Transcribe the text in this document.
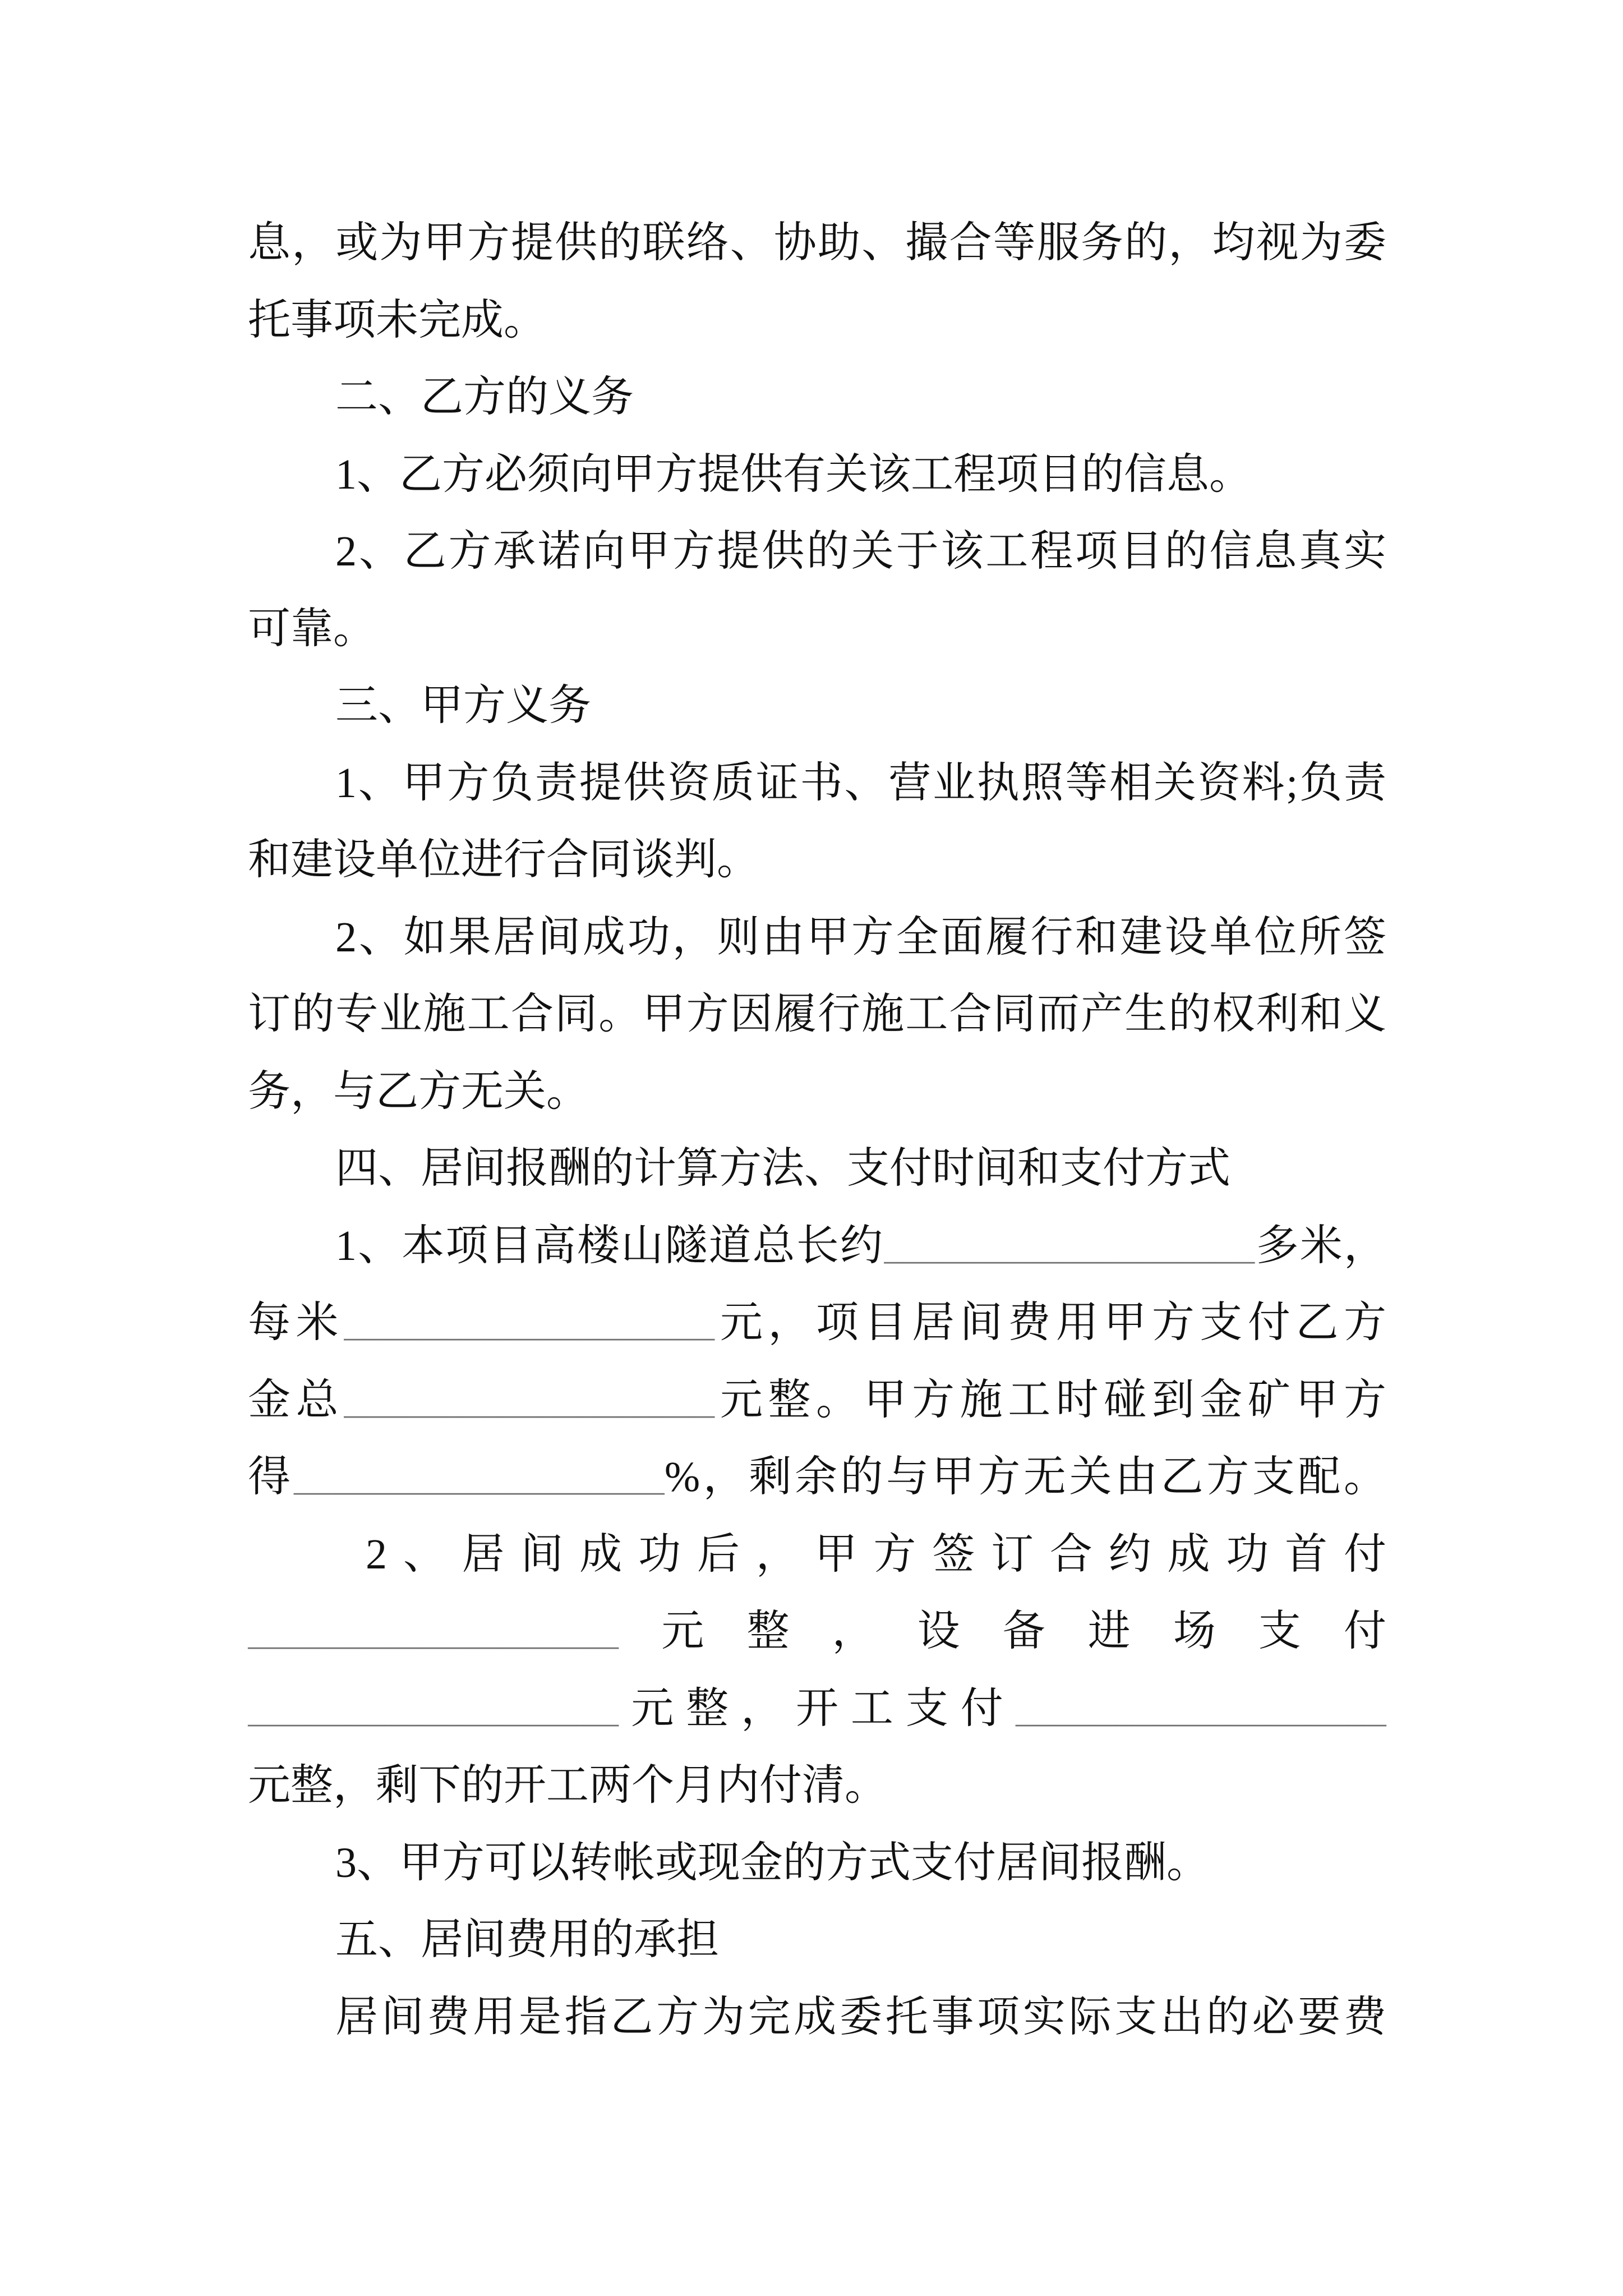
息，或为甲方提供的联络、协助、撮合等服务的，均视为委
托事项未完成。
二、乙方的义务
1、乙方必须向甲方提供有关该工程项目的信息。
2、乙方承诺向甲方提供的关于该工程项目的信息真实
可靠。
三、甲方义务
1、甲方负责提供资质证书、营业执照等相关资料;负责
和建设单位进行合同谈判。
2、如果居间成功，则由甲方全面履行和建设单位所签
订的专业施工合同。甲方因履行施工合同而产生的权利和义
务，与乙方无关。
四、居间报酬的计算方法、支付时间和支付方式
1、本项目高楼山隧道总长约___________________多米，
每米___________________元，项目居间费用甲方支付乙方
金总___________________元整。甲方施工时碰到金矿甲方
得___________________%，剩余的与甲方无关由乙方支配。
2、居间成功后，甲方签订合约成功首付
___________________元整，设备进场支付
___________________元整，开工支付___________________
元整，剩下的开工两个月内付清。
3、甲方可以转帐或现金的方式支付居间报酬。
五、居间费用的承担
居间费用是指乙方为完成委托事项实际支出的必要费
